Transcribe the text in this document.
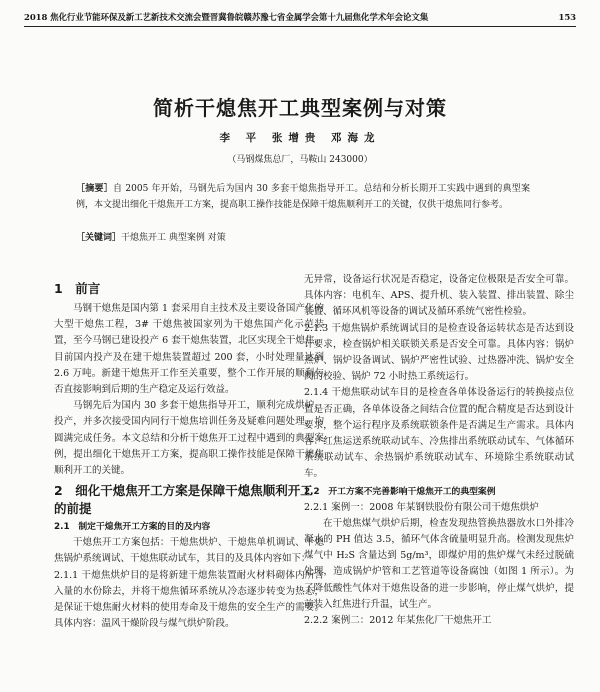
2018 焦化行业节能环保及新工艺新技术交流会暨晋冀鲁皖赣苏豫七省金属学会第十九届焦化学术年会论文集	153
简析干熄焦开工典型案例与对策
李 平 张增贵 邓海龙
（马钢煤焦总厂，马鞍山 243000）
［摘要］自 2005 年开始，马钢先后为国内 30 多套干熄焦指导开工。总结和分析长期开工实践中遇到的典型案例，本文提出细化干熄焦开工方案，提高职工操作技能是保障干熄焦顺利开工的关键，仅供干熄焦同行参考。
［关键词］干熄焦开工 典型案例 对策
1　前言

马钢干熄焦是国内第 1 套采用自主技术及主要设备国产化的大型干熄焦工程，3# 干熄焦被国家列为干熄焦国产化示范装置，至今马钢已建设投产 6 套干熄焦装置，北区实现全干熄焦。目前国内投产及在建干熄焦装置超过 200 套，小时处理量达到 2.6 万吨。新建干熄焦开工作至关重要，整个工作开展的顺利与否直接影响到后期的生产稳定及运行效益。

马钢先后为国内 30 多套干熄焦指导开工，顺利完成烘炉、投产，并多次接受国内同行干熄焦培训任务及疑难问题处理，均圆满完成任务。本文总结和分析干熄焦开工过程中遇到的典型案例，提出细化干熄焦开工方案，提高职工操作技能是保障干熄焦顺利开工的关键。

2　细化干熄焦开工方案是保障干熄焦顺利开工的前提
2.1　制定干熄焦开工方案的目的及内容

干熄焦开工方案包括：干熄焦烘炉、干熄焦单机调试、干熄焦锅炉系统调试、干熄焦联动试车，其目的及具体内容如下：

2.1.1 干熄焦烘炉目的是将新建干熄焦装置耐火材料砌体内所含入量的水份除去，并将干熄焦循环系统从冷态逐步转变为热态，是保证干熄焦耐火材料的使用寿命及干熄焦的安全生产的需要。具体内容：温风干燥阶段与煤气烘炉阶段。

无异常，设备运行状况是否稳定，设备定位极限是否安全可靠。具体内容：电机车、APS、提升机、装入装置、排出装置、除尘装置、循环风机等设备的调试及循环系统气密性检验。

2.1.3 干熄焦锅炉系统调试目的是检查设备运转状态是否达到设计要求，检查锅炉相关联锁关系是否安全可靠。具体内容：锅炉煮炉、锅炉设备调试、锅炉严密性试验、过热器冲洗、锅炉安全阀的校验、锅炉 72 小时热工系统运行。

2.1.4 干熄焦联动试车目的是检查各单体设备运行的转换接点位置是否正确，各单体设备之间结合位置的配合精度是否达到设计要求，整个运行程序及系统联锁条件是否满足生产需求。具体内容：红焦运送系统联动试车、冷焦排出系统联动试车、气体循环系统联动试车、余热锅炉系统联动试车、环境除尘系统联动试车。

2.2　开工方案不完善影响干熄焦开工的典型案例

2.2.1 案例一：2008 年某钢铁股份有限公司干熄焦烘炉

在干熄焦煤气烘炉后期，检查发现热管换热器放水口外排冷凝水的 PH 值达 3.5，循环气体含硫量明显升高。检测发现焦炉煤气中 H₂S 含量达到 5g/m³，即煤炉用的焦炉煤气未经过脱硫处理，造成锅炉炉管和工艺管道等设备腐蚀（如图 1 所示）。为了降低酸性气体对干熄焦设备的进一步影响，停止煤气烘炉，提前装入红焦进行升温，试生产。

2.2.2 案例二：2012 年某焦化厂干熄焦开工
